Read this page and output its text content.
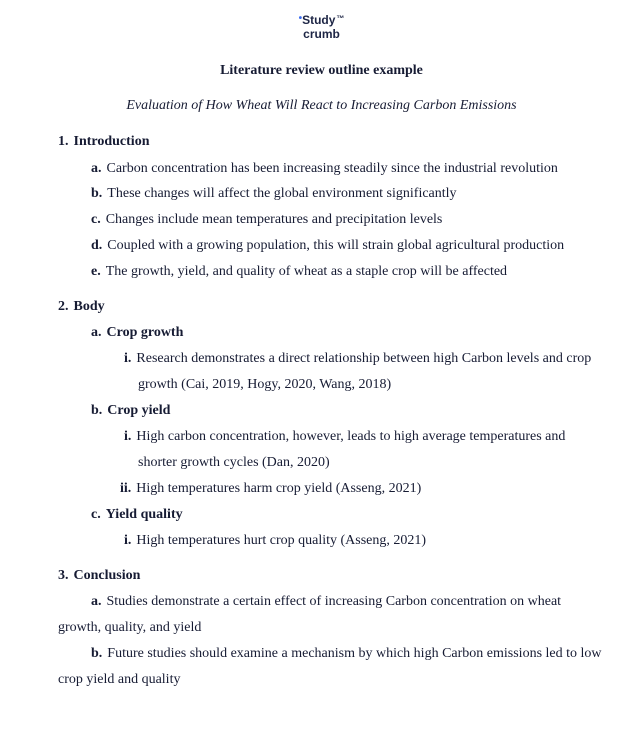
•Study™
crumb
Literature review outline example
Evaluation of How Wheat Will React to Increasing Carbon Emissions
1. Introduction
a. Carbon concentration has been increasing steadily since the industrial revolution
b. These changes will affect the global environment significantly
c. Changes include mean temperatures and precipitation levels
d. Coupled with a growing population, this will strain global agricultural production
e. The growth, yield, and quality of wheat as a staple crop will be affected
2. Body
a. Crop growth
i. Research demonstrates a direct relationship between high Carbon levels and crop
growth (Cai, 2019, Hogy, 2020, Wang, 2018)
b. Crop yield
i. High carbon concentration, however, leads to high average temperatures and
shorter growth cycles (Dan, 2020)
ii. High temperatures harm crop yield (Asseng, 2021)
c. Yield quality
i. High temperatures hurt crop quality (Asseng, 2021)
3. Conclusion
a. Studies demonstrate a certain effect of increasing Carbon concentration on wheat
growth, quality, and yield
b. Future studies should examine a mechanism by which high Carbon emissions led to low
crop yield and quality
